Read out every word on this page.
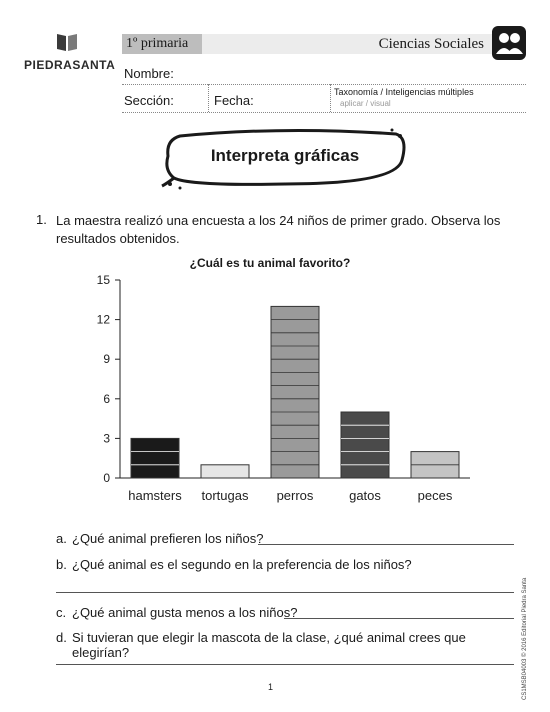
PIEDRASANTA
1º primaria	Ciencias Sociales
Nombre:
Sección:	Fecha:
Taxonomía / Inteligencias múltiples
aplicar / visual
Interpreta gráficas
1. La maestra realizó una encuesta a los 24 niños de primer grado. Observa los resultados obtenidos.
¿Cuál es tu animal favorito?
0
3
6
9
12
15
hamsters tortugas perros	gatos	peces
a. ¿Qué animal prefieren los niños?
b. ¿Qué animal es el segundo en la preferencia de los niños?
c. ¿Qué animal gusta menos a los niños?
d. Si tuvieran que elegir la mascota de la clase, ¿qué animal crees que elegirían?	CS1MSB04003 © 2016 Editorial Piedra Santa
1
